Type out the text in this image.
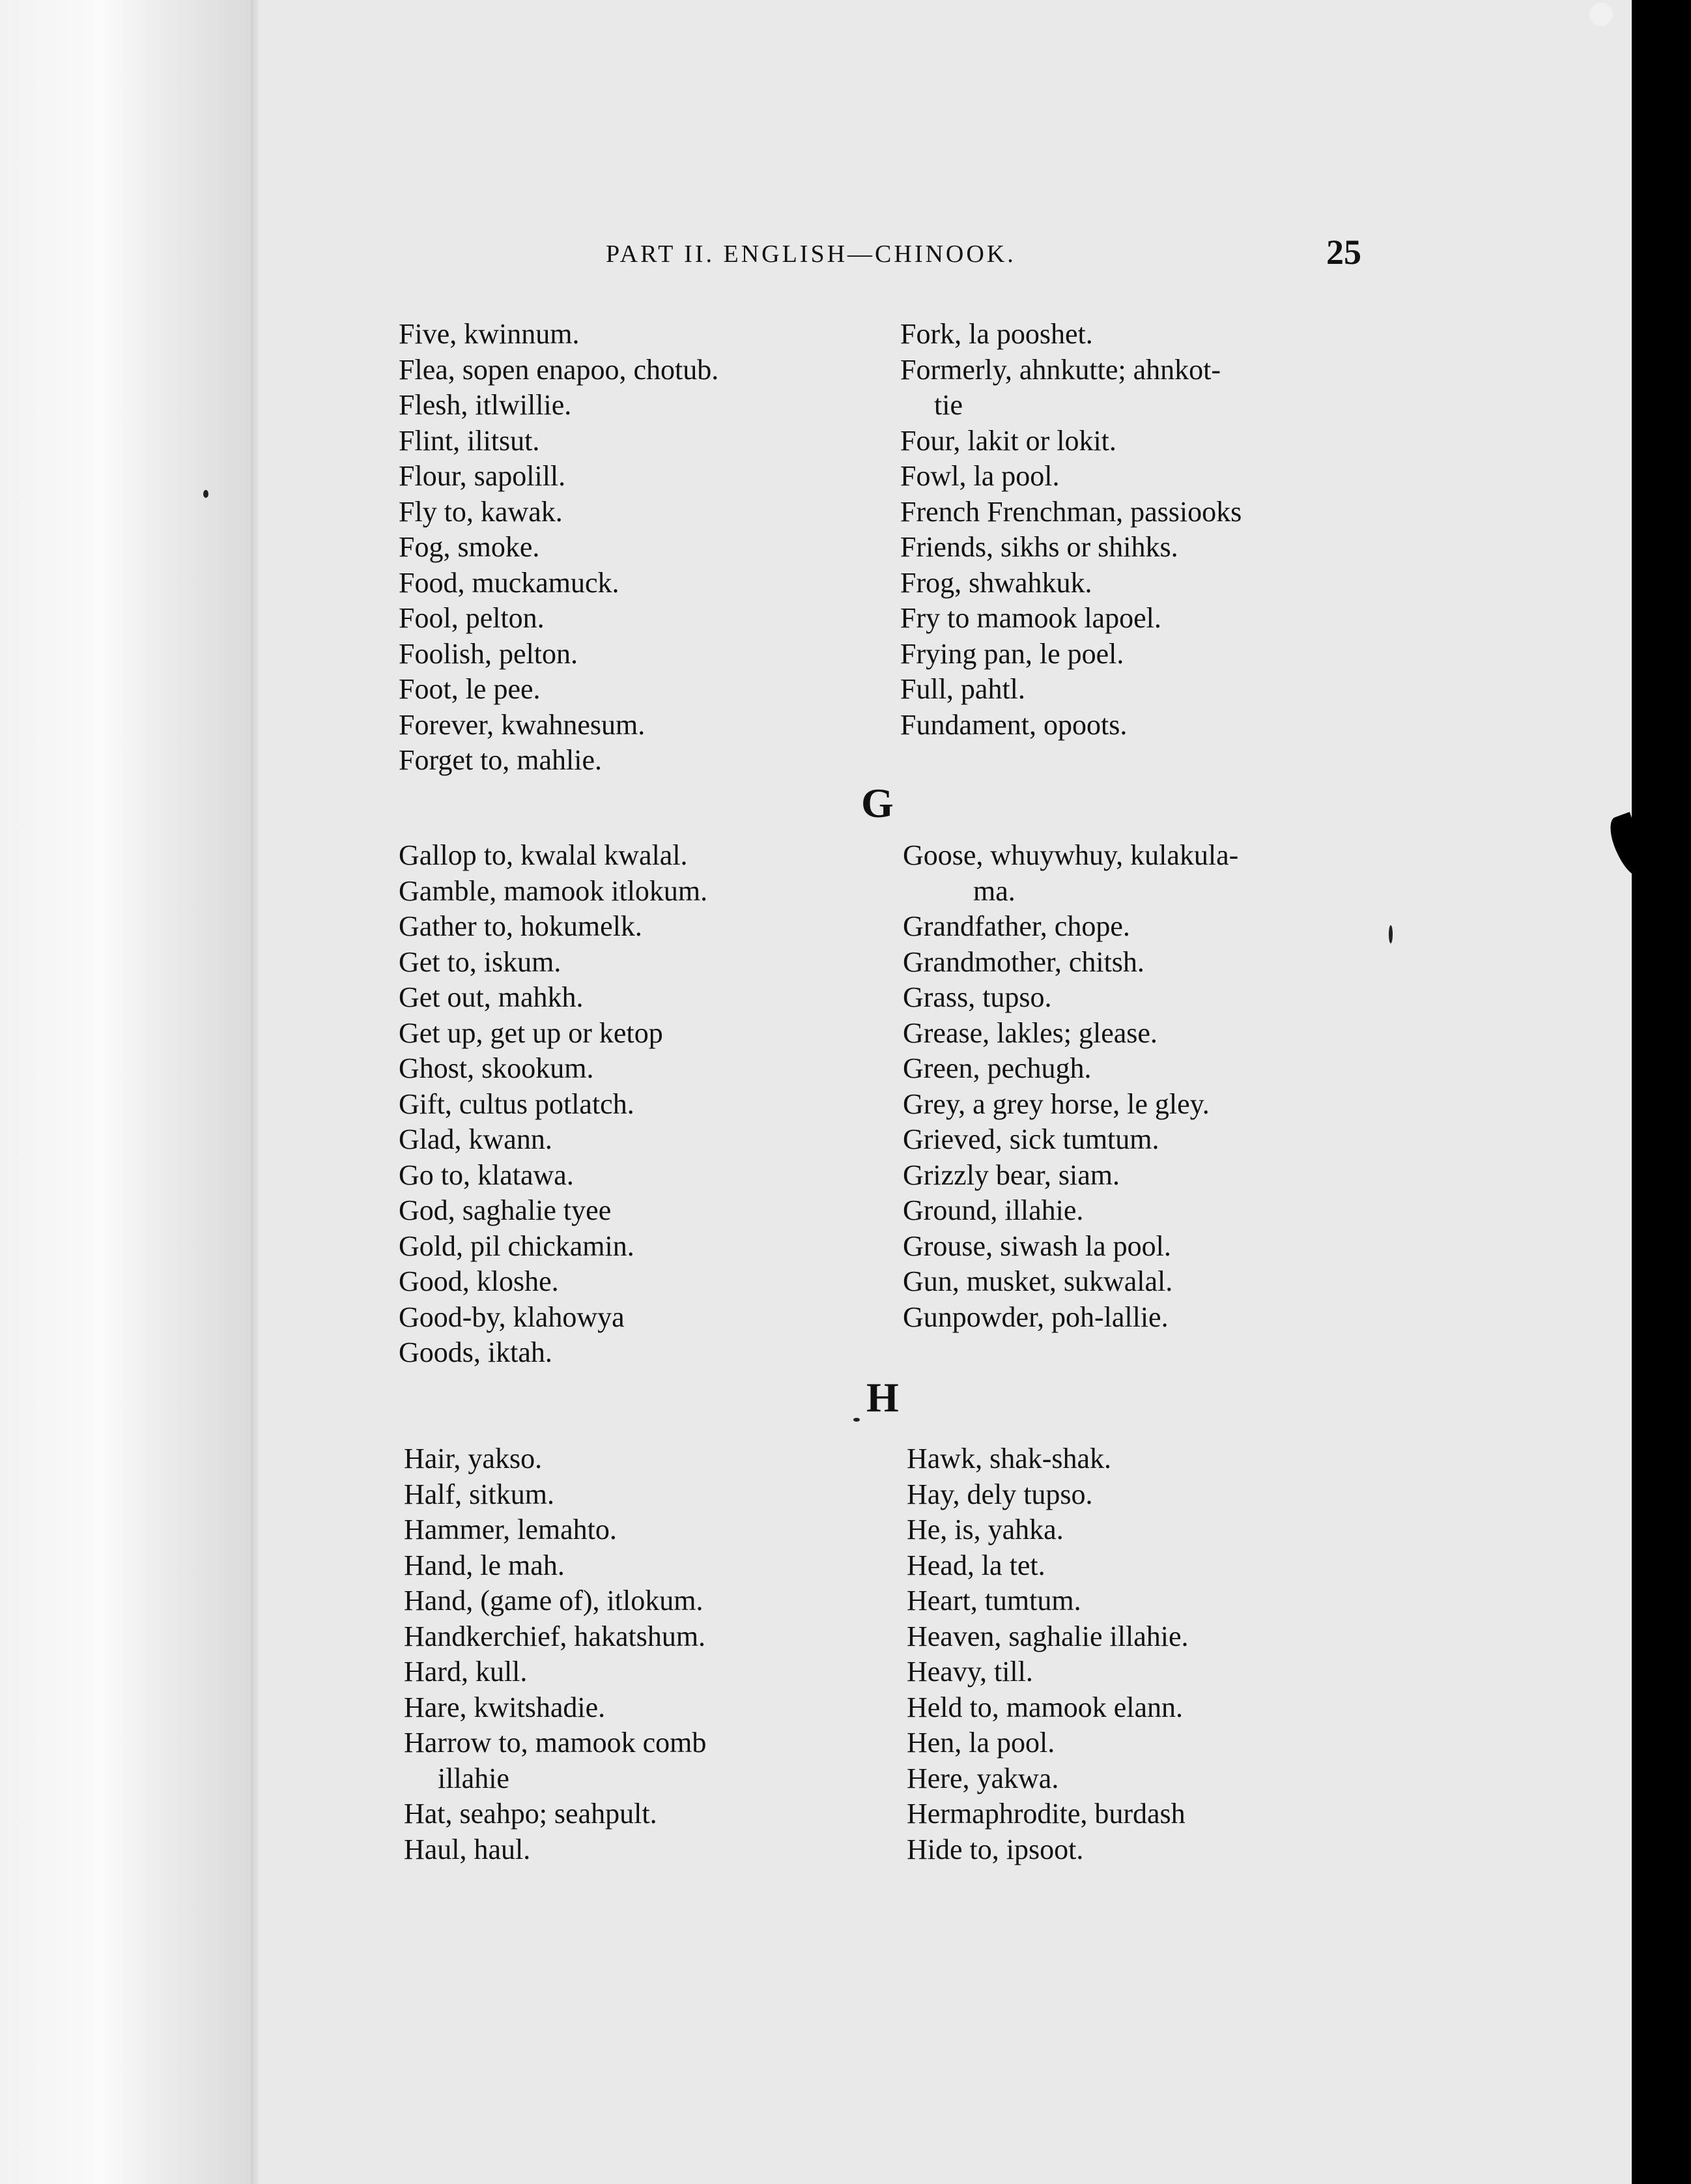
PART II. ENGLISH—CHINOOK.	25
Five, kwinnum.
Flea, sopen enapoo, chotub.
Flesh, itlwillie.
Flint, ilitsut.
Flour, sapolill.
Fly to, kawak.
Fog, smoke.
Food, muckamuck.
Fool, pelton.
Foolish, pelton.
Foot, le pee.
Forever, kwahnesum.
Forget to, mahlie.
Fork, la pooshet.
Formerly, ahnkutte; ahnkot-
tie
Four, lakit or lokit.
Fowl, la pool.
French Frenchman, passiooks
Friends, sikhs or shihks.
Frog, shwahkuk.
Fry to mamook lapoel.
Frying pan, le poel.
Full, pahtl.
Fundament, opoots.
G
Gallop to, kwalal kwalal.
Gamble, mamook itlokum.
Gather to, hokumelk.
Get to, iskum.
Get out, mahkh.
Get up, get up or ketop
Ghost, skookum.
Gift, cultus potlatch.
Glad, kwann.
Go to, klatawa.
God, saghalie tyee
Gold, pil chickamin.
Good, kloshe.
Good-by, klahowya
Goods, iktah.
Goose, whuywhuy, kulakula-
ma.
Grandfather, chope.
Grandmother, chitsh.
Grass, tupso.
Grease, lakles; glease.
Green, pechugh.
Grey, a grey horse, le gley.
Grieved, sick tumtum.
Grizzly bear, siam.
Ground, illahie.
Grouse, siwash la pool.
Gun, musket, sukwalal.
Gunpowder, poh-lallie.
H
Hair, yakso.
Half, sitkum.
Hammer, lemahto.
Hand, le mah.
Hand, (game of), itlokum.
Handkerchief, hakatshum.
Hard, kull.
Hare, kwitshadie.
Harrow to, mamook comb
illahie
Hat, seahpo; seahpult.
Haul, haul.
Hawk, shak-shak.
Hay, dely tupso.
He, is, yahka.
Head, la tet.
Heart, tumtum.
Heaven, saghalie illahie.
Heavy, till.
Held to, mamook elann.
Hen, la pool.
Here, yakwa.
Hermaphrodite, burdash
Hide to, ipsoot.
